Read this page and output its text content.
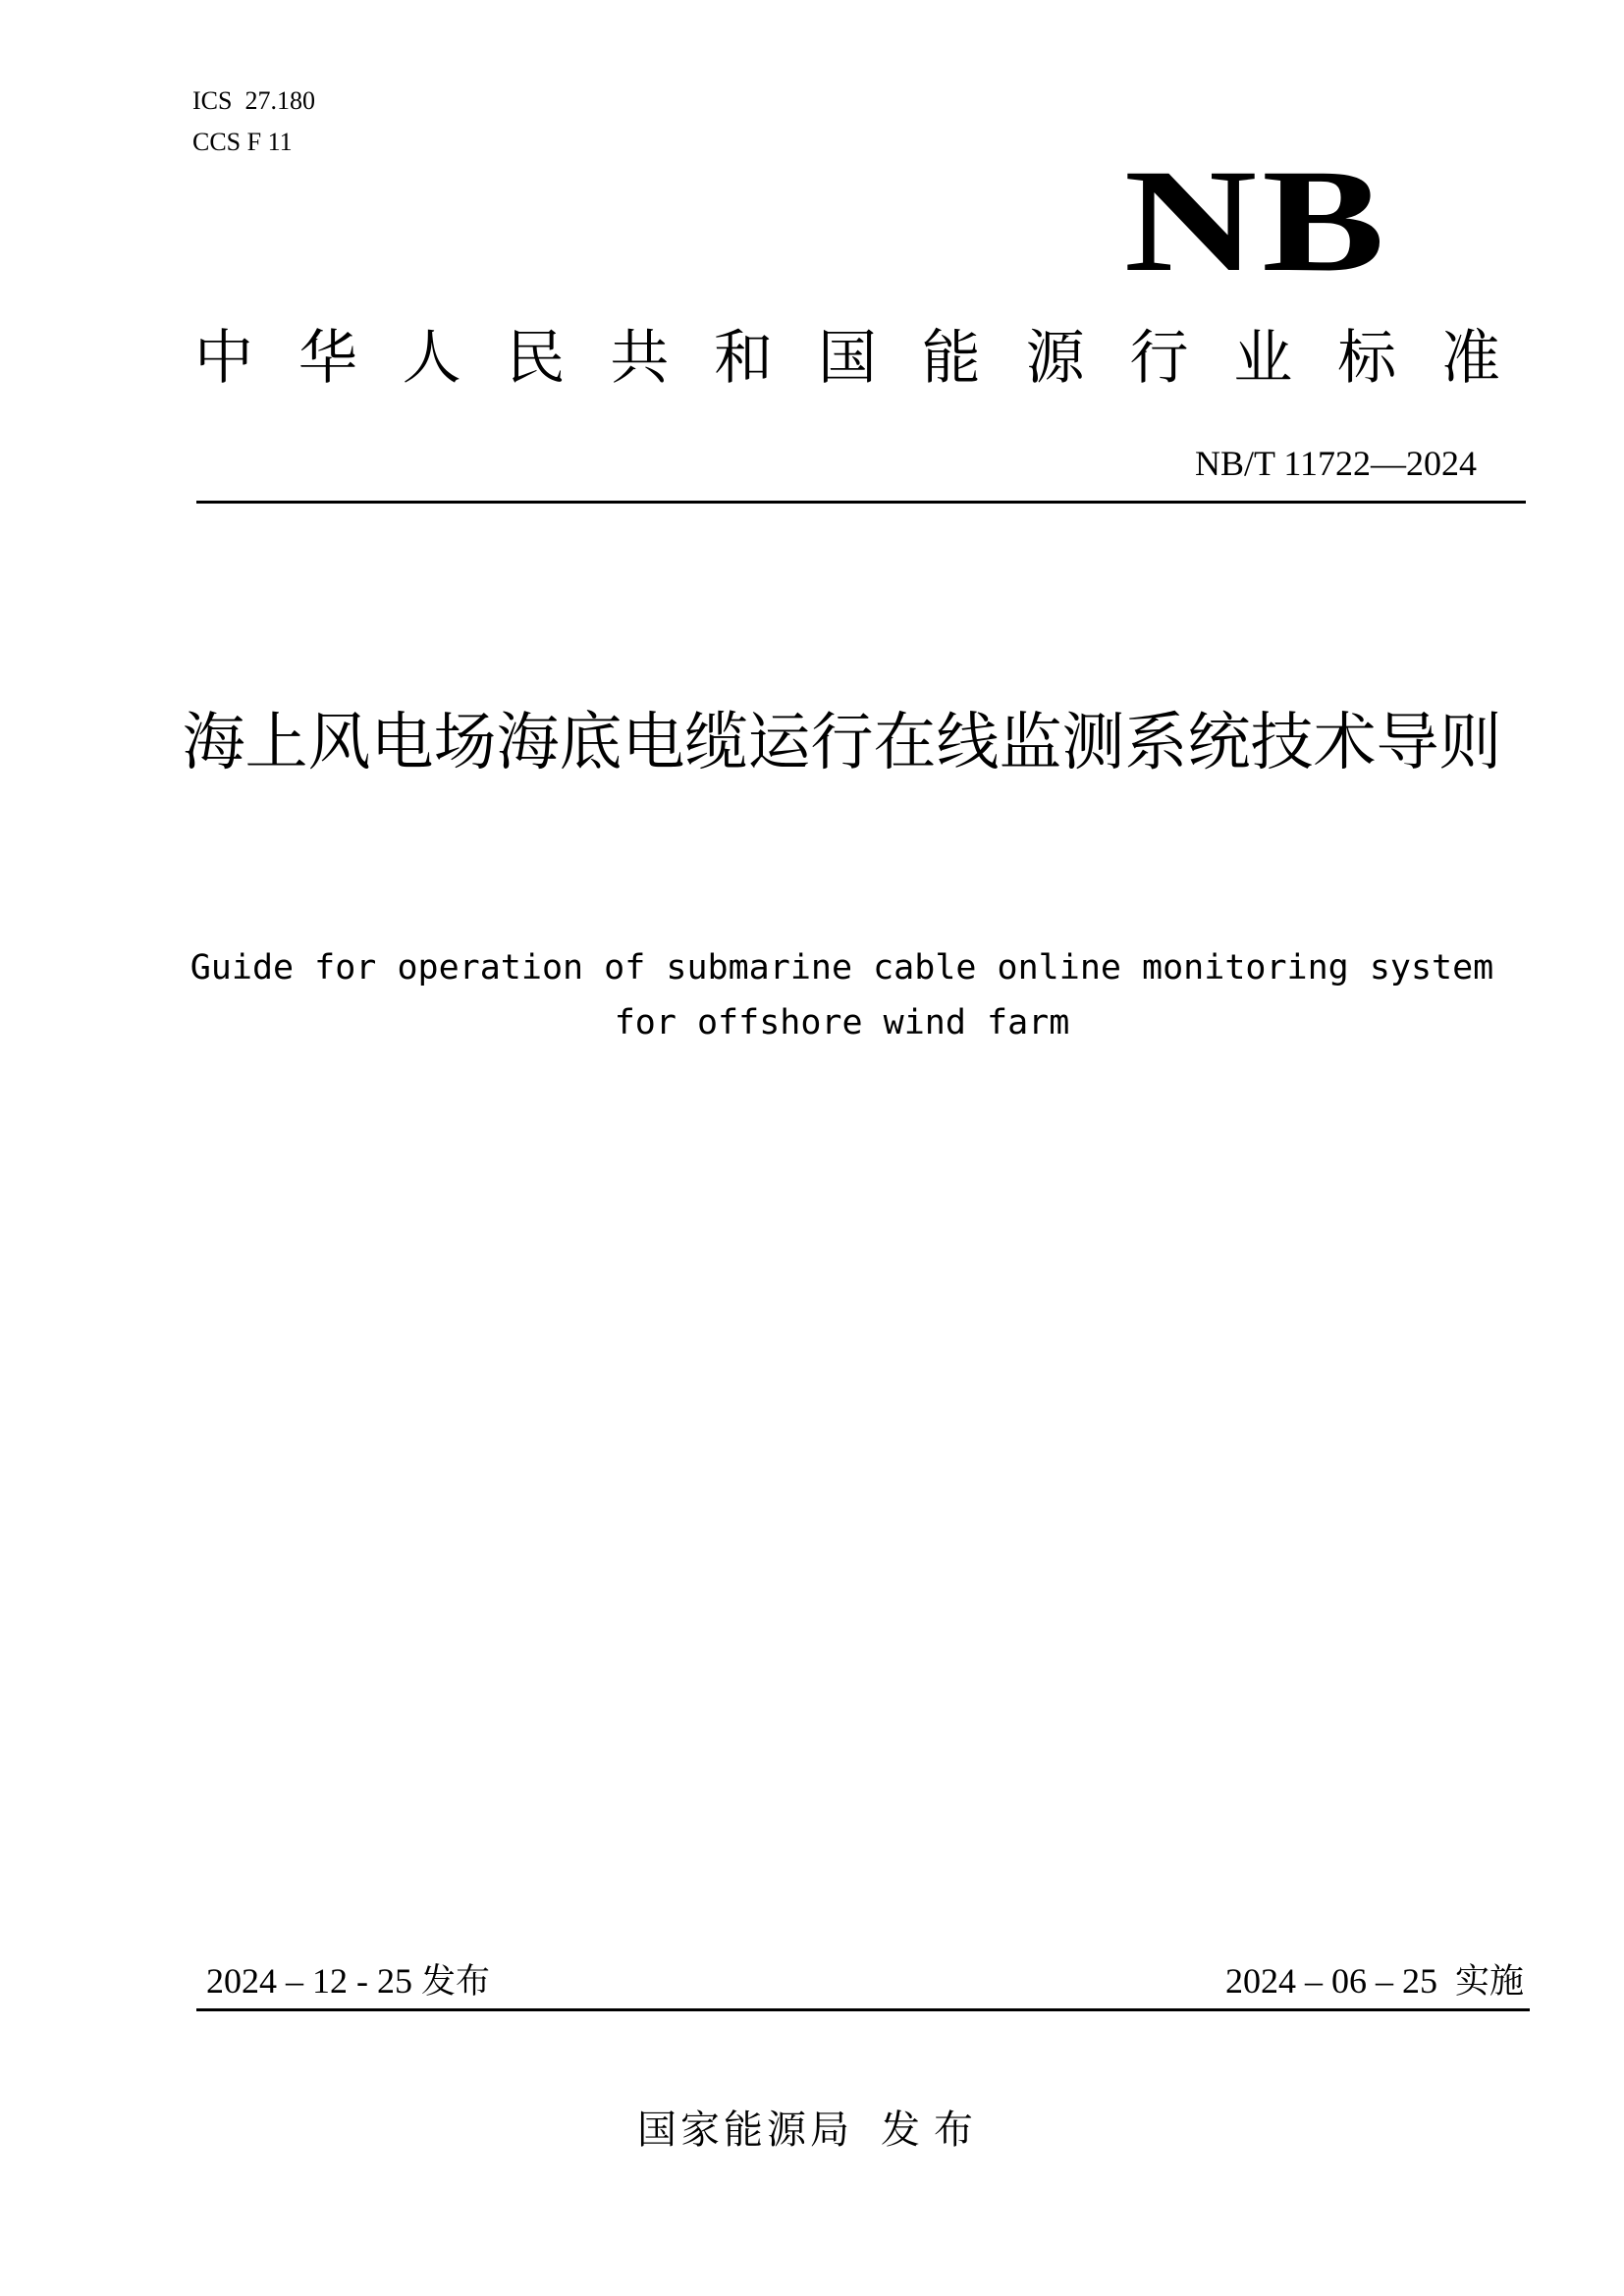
ICS  27.180
CCS F 11	NB
中 华 人 民 共 和 国 能 源 行 业 标 准
NB/T 11722—2024
海上风电场海底电缆运行在线监测系统技术导则
Guide for operation of submarine cable online monitoring system for offshore wind farm
2024 – 12 - 25 发布	2024 – 06 – 25 实施
国家能源局 发布
